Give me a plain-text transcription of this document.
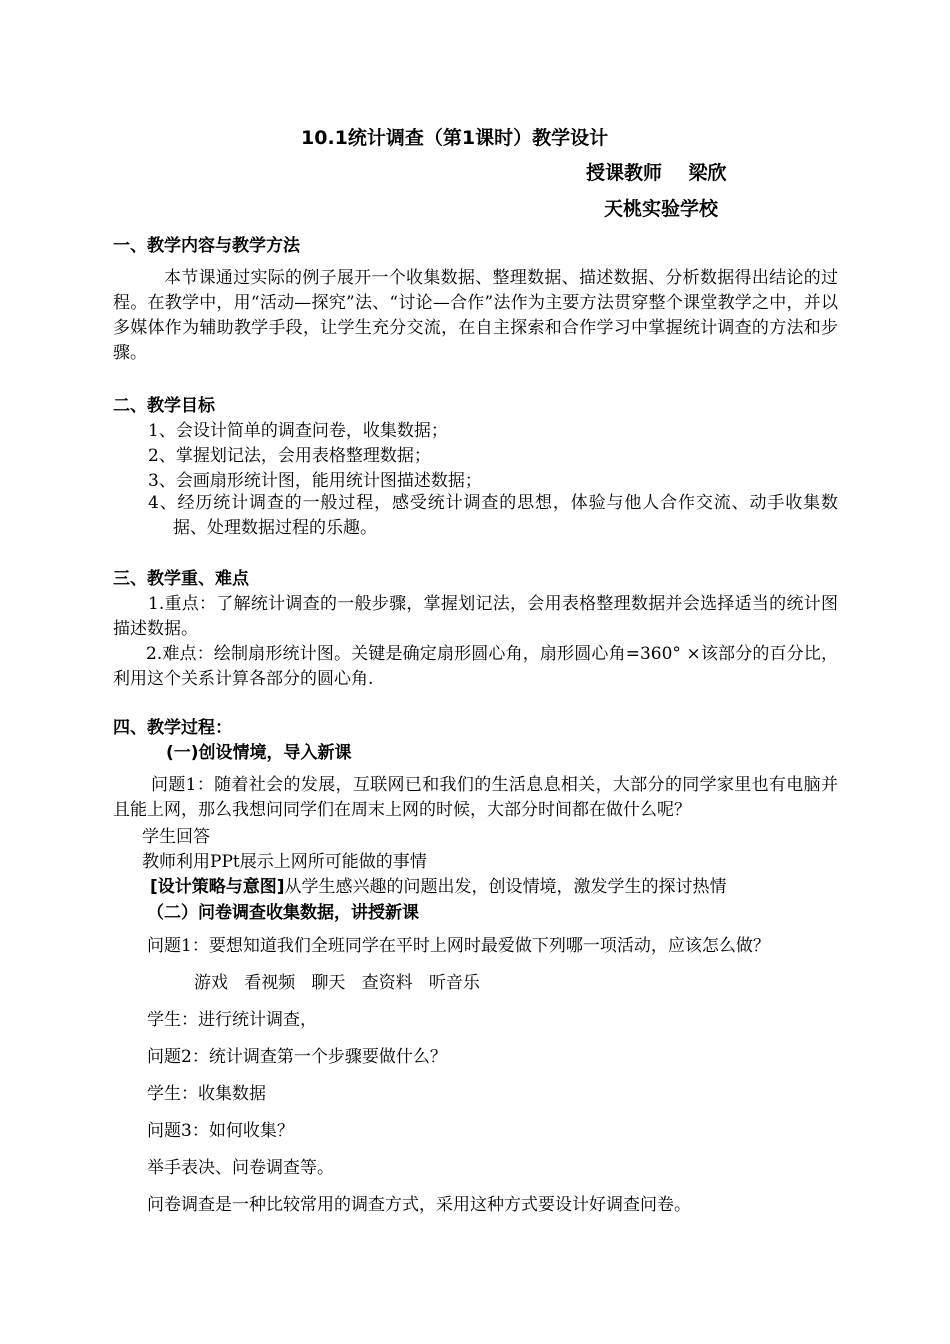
10.1统计调查（第1课时）教学设计
授课教师    梁欣
天桃实验学校
一、教学内容与教学方法
本节课通过实际的例子展开一个收集数据、整理数据、描述数据、分析数据得出结论的过程。在教学中，用“活动—探究”法、“讨论—合作”法作为主要方法贯穿整个课堂教学之中，并以多媒体作为辅助教学手段，让学生充分交流，在自主探索和合作学习中掌握统计调查的方法和步骤。
二、教学目标
1、会设计简单的调查问卷，收集数据；
2、掌握划记法，会用表格整理数据；
3、会画扇形统计图，能用统计图描述数据；
4、经历统计调查的一般过程，感受统计调查的思想，体验与他人合作交流、动手收集数据、处理数据过程的乐趣。
三、教学重、难点
1.重点：了解统计调查的一般步骤，掌握划记法，会用表格整理数据并会选择适当的统计图描述数据。
2.难点：绘制扇形统计图。关键是确定扇形圆心角，扇形圆心角=360° ×该部分的百分比，利用这个关系计算各部分的圆心角.
四、教学过程：
(一)创设情境，导入新课
问题1：随着社会的发展，互联网已和我们的生活息息相关，大部分的同学家里也有电脑并且能上网，那么我想问同学们在周末上网的时候，大部分时间都在做什么呢？
学生回答
教师利用PPt展示上网所可能做的事情
[设计策略与意图]从学生感兴趣的问题出发，创设情境，激发学生的探讨热情
（二）问卷调查收集数据，讲授新课
问题1：要想知道我们全班同学在平时上网时最爱做下列哪一项活动，应该怎么做？
游戏   看视频   聊天   查资料   听音乐
学生：进行统计调查，
问题2：统计调查第一个步骤要做什么？
学生：收集数据
问题3：如何收集？
举手表决、问卷调查等。
问卷调查是一种比较常用的调查方式，采用这种方式要设计好调查问卷。
